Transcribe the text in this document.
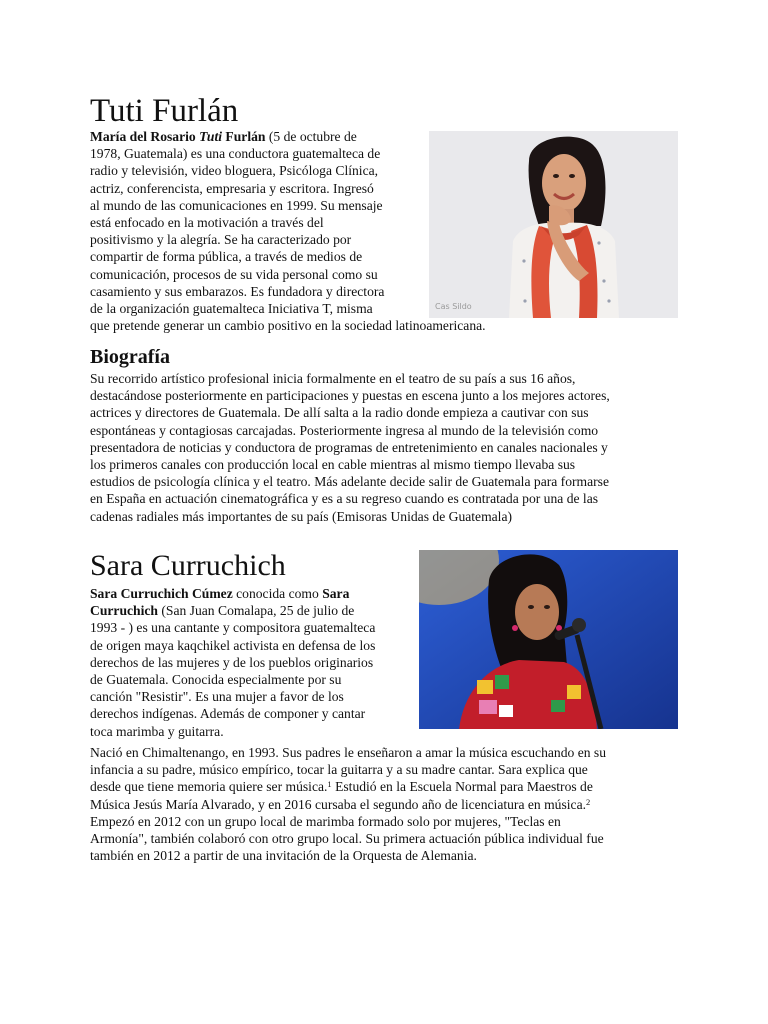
Tuti Furlán
Cas Sildo
María del Rosario Tuti Furlán (5 de octubre de
1978, Guatemala) es una conductora guatemalteca de
radio y televisión, video bloguera, Psicóloga Clínica,
actriz, conferencista, empresaria y escritora. Ingresó
al mundo de las comunicaciones en 1999. Su mensaje
está enfocado en la motivación a través del
positivismo y la alegría. Se ha caracterizado por
compartir de forma pública, a través de medios de
comunicación, procesos de su vida personal como su
casamiento y sus embarazos. Es fundadora y directora
de la organización guatemalteca Iniciativa T, misma
que pretende generar un cambio positivo en la sociedad latinoamericana.
Biografía
Su recorrido artístico profesional inicia formalmente en el teatro de su país a sus 16 años,
destacándose posteriormente en participaciones y puestas en escena junto a los mejores actores,
actrices y directores de Guatemala. De allí salta a la radio donde empieza a cautivar con sus
espontáneas y contagiosas carcajadas. Posteriormente ingresa al mundo de la televisión como
presentadora de noticias y conductora de programas de entretenimiento en canales nacionales y
los primeros canales con producción local en cable mientras al mismo tiempo llevaba sus
estudios de psicología clínica y el teatro. Más adelante decide salir de Guatemala para formarse
en España en actuación cinematográfica y es a su regreso cuando es contratada por una de las
cadenas radiales más importantes de su país (Emisoras Unidas de Guatemala)
Sara Curruchich
Sara Curruchich Cúmez conocida como Sara
Curruchich (San Juan Comalapa, 25 de julio de
1993 - ) es una cantante y compositora guatemalteca
de origen maya kaqchikel activista en defensa de los
derechos de las mujeres y de los pueblos originarios
de Guatemala. Conocida especialmente por su
canción "Resistir". Es una mujer a favor de los
derechos indígenas. Además de componer y cantar
toca marimba y guitarra.
Nació en Chimaltenango, en 1993. Sus padres le enseñaron a amar la música escuchando en su
infancia a su padre, músico empírico, tocar la guitarra y a su madre cantar. Sara explica que
desde que tiene memoria quiere ser música.$^1$ Estudió en la Escuela Normal para Maestros de
Música Jesús María Alvarado, y en 2016 cursaba el segundo año de licenciatura en música.$^2$
Empezó en 2012 con un grupo local de marimba formado solo por mujeres, "Teclas en
Armonía", también colaboró con otro grupo local. Su primera actuación pública individual fue
también en 2012 a partir de una invitación de la Orquesta de Alemania.
